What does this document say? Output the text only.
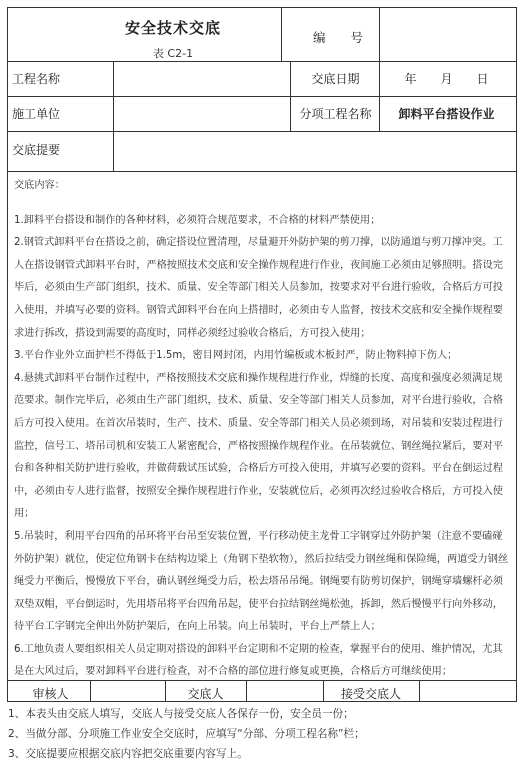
安全技术交底
表 C2-1
编　　号
工程名称	交底日期	年　　月　　日
施工单位	分项工程名称	卸料平台搭设作业
交底提要

交底内容：

1.卸料平台搭设和制作的各种材料，必须符合规范要求，不合格的材料严禁使用；

2.钢管式卸料平台在搭设之前，确定搭设位置清理，尽量避开外防护架的剪刀撑，以防通道与剪刀撑冲突。工人在搭设钢管式卸料平台时，严格按照技术交底和安全操作规程进行作业，夜间施工必须由足够照明。搭设完毕后，必须由生产部门组织，技术、质量、安全等部门相关人员参加，按要求对平台进行验收，合格后方可投入使用，并填写必要的资料。钢管式卸料平台在向上搭措时，必须由专人监督，按技术交底和安全操作规程要求进行拆改，搭设到需要的高度时，同样必须经过验收合格后，方可投入使用；

3.平台作业外立面护栏不得低于1.5m，密目网封闭，内用竹编板或木板封严，防止物料掉下伤人；

4.悬挑式卸料平台制作过程中，严格按照技术交底和操作规程进行作业，焊缝的长度、高度和强度必须满足规范要求。制作完毕后，必须由生产部门组织，技术、质量、安全等部门相关人员参加，对平台进行验收，合格后方可投入使用。在首次吊装时，生产、技术、质量、安全等部门相关人员必须到场，对吊装和安装过程进行监控，信号工、塔吊司机和安装工人紧密配合，严格按照操作规程作业。在吊装就位、钢丝绳拉紧后，要对平台和各种相关防护进行验收，并做荷载试压试验，合格后方可投入使用，并填写必要的资料。平台在倒运过程中，必须由专人进行监督，按照安全操作规程进行作业，安装就位后，必须再次经过验收合格后，方可投入使用；

5.吊装时，利用平台四角的吊环将平台吊至安装位置，平行移动使主龙骨工字钢穿过外防护架（注意不要磕碰外防护架）就位，使定位角钢卡在结构边梁上（角钢下垫软物），然后拉结受力钢丝绳和保险绳，两道受力钢丝绳受力平衡后，慢慢放下平台，确认钢丝绳受力后，松去塔吊吊绳。钢绳要有防剪切保护，钢绳穿墙螺杆必须双垫双帽，平台倒运时，先用塔吊将平台四角吊起，使平台拉结钢丝绳松弛，拆卸，然后慢慢平行向外移动，待平台工字钢完全伸出外防护架后，在向上吊装。向上吊装时，平台上严禁上人；

6.工地负责人要组织相关人员定期对搭设的卸料平台定期和不定期的检查，掌握平台的使用、维护情况，尤其是在大风过后，要对卸料平台进行检查，对不合格的部位进行修复或更换，合格后方可继续使用；

审核人	交底人	接受交底人
1、本表头由交底人填写，交底人与接受交底人各保存一份，安全员一份；
2、当做分部、分项施工作业安全交底时，应填写“分部、分项工程名称”栏；
3、交底提要应根据交底内容把交底重要内容写上。
